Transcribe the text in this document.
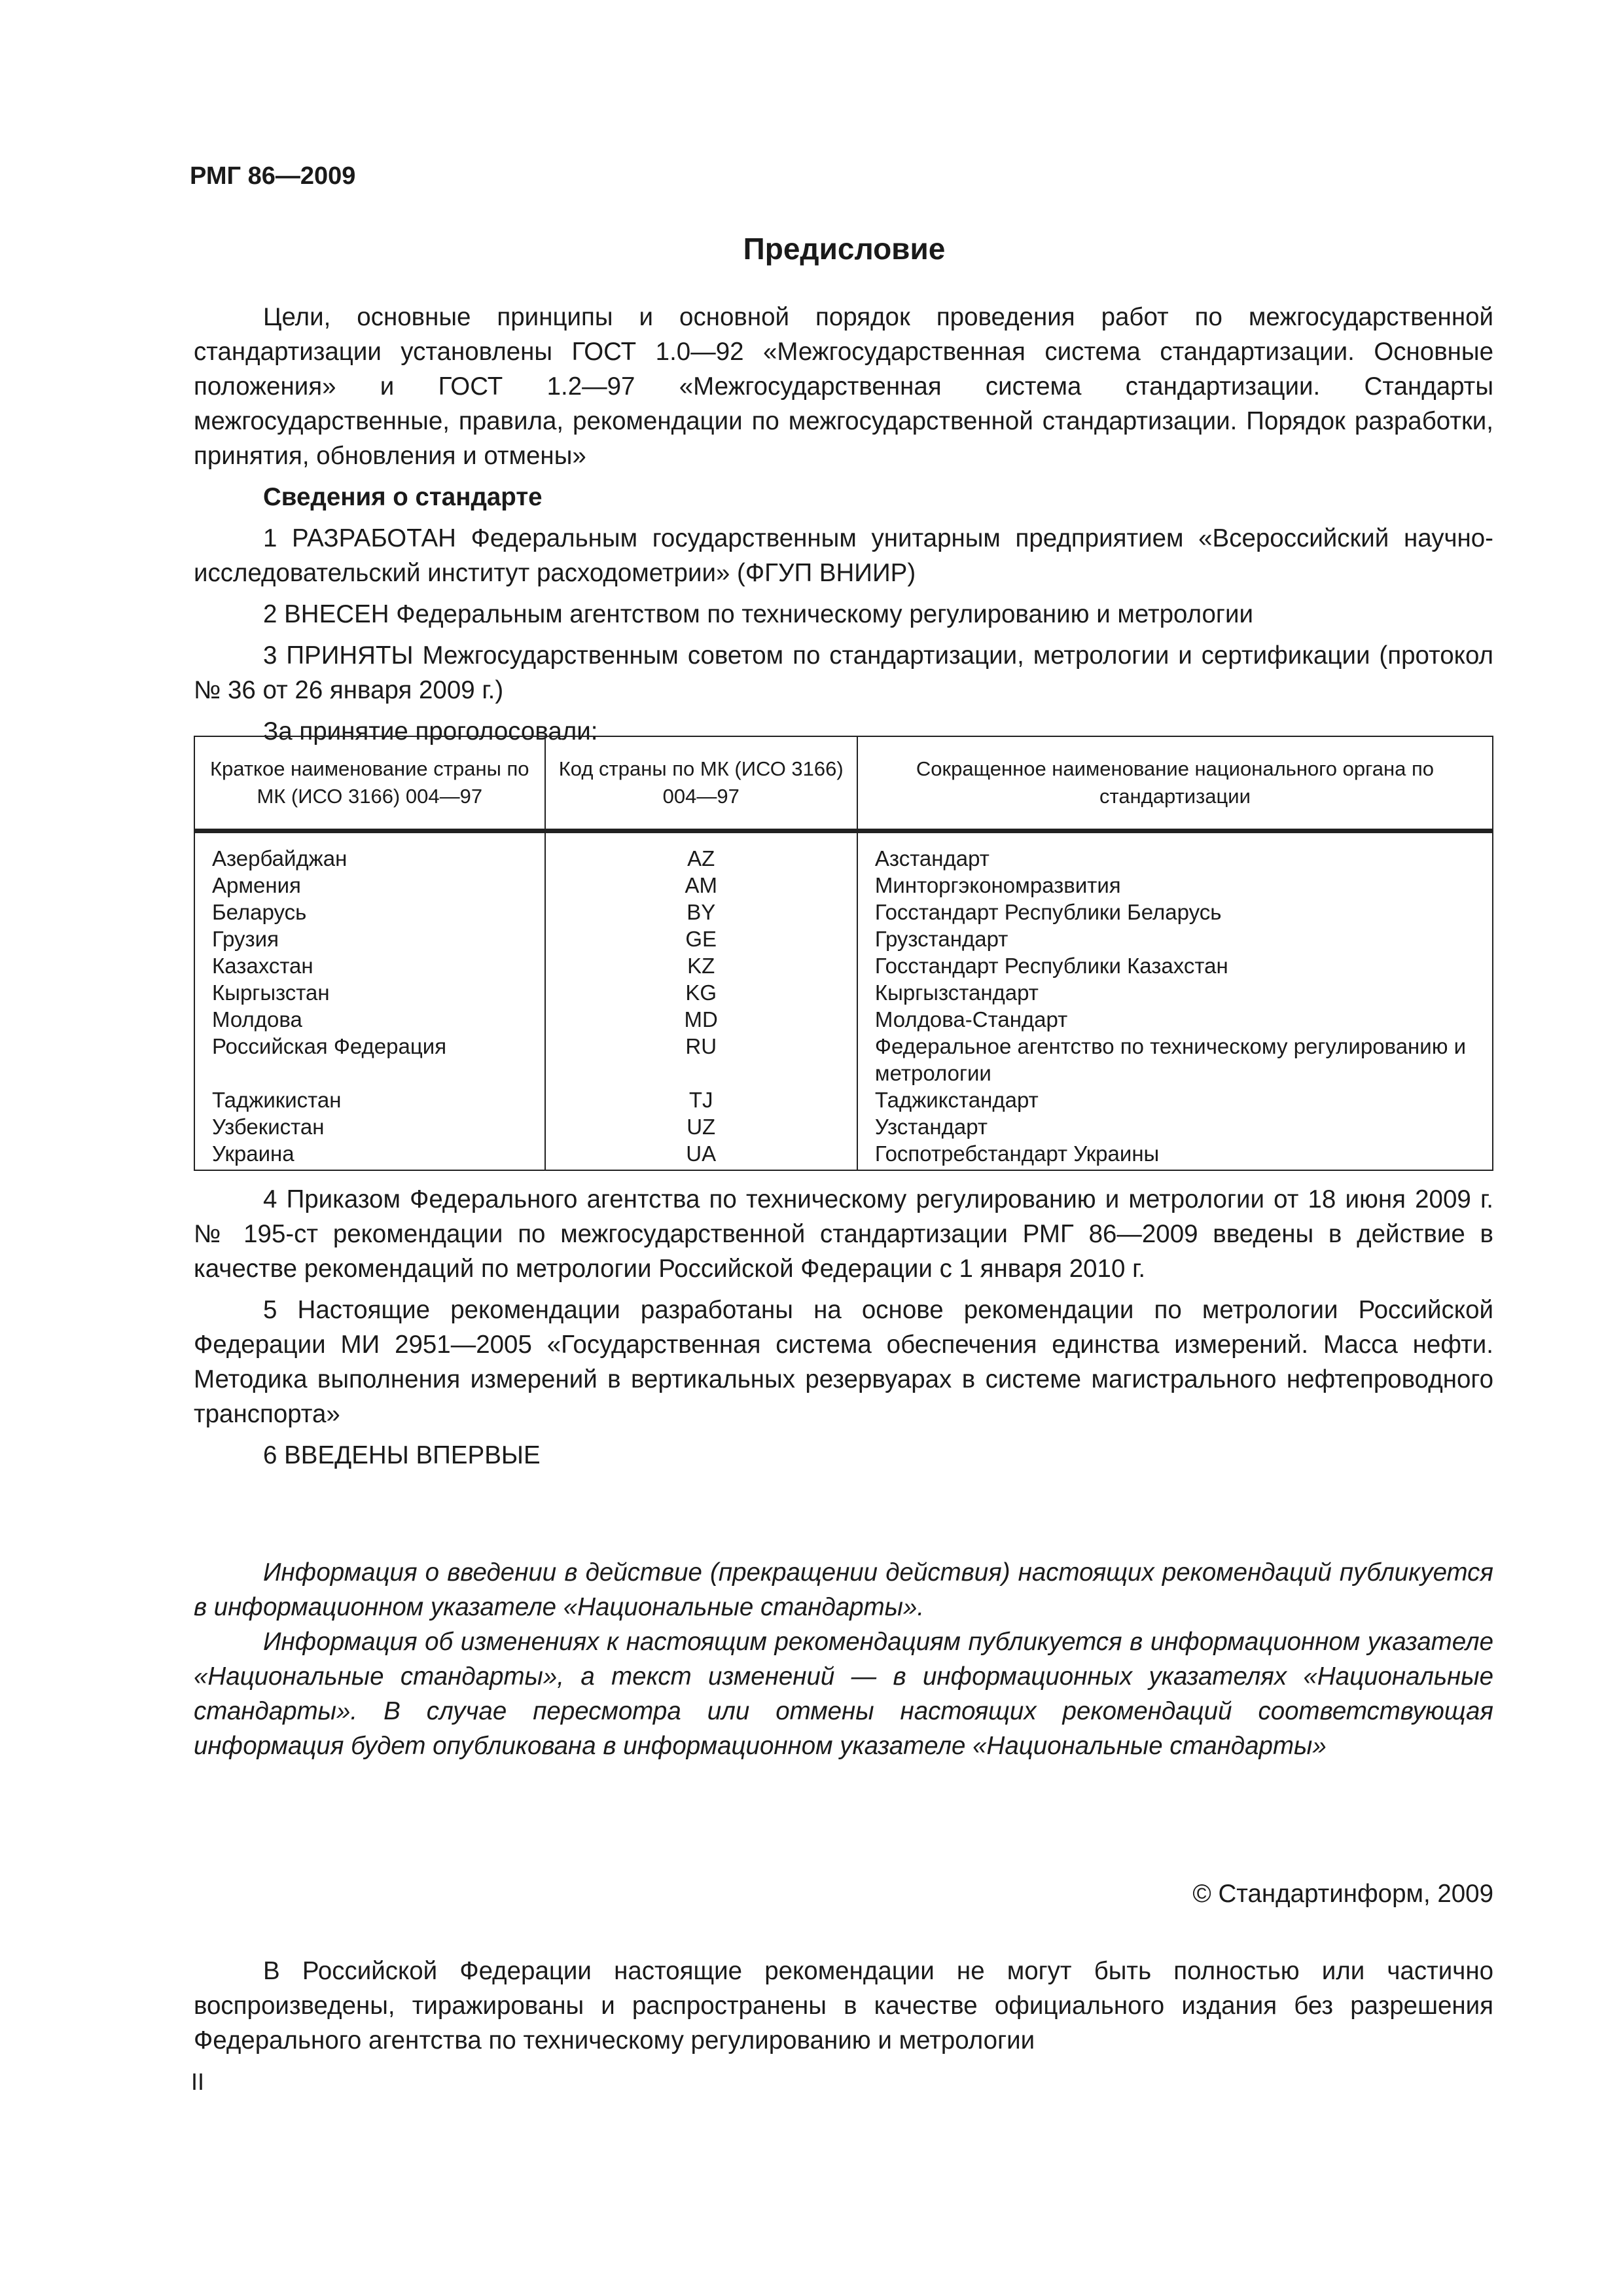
РМГ 86—2009
Предисловие

Цели, основные принципы и основной порядок проведения работ по межгосударственной стандартизации установлены ГОСТ 1.0—92 «Межгосударственная система стандартизации. Основные положения» и ГОСТ 1.2—97 «Межгосударственная система стандартизации. Стандарты межгосударственные, правила, рекомендации по межгосударственной стандартизации. Порядок разработки, принятия, обновления и отмены»

Сведения о стандарте

1 РАЗРАБОТАН Федеральным государственным унитарным предприятием «Всероссийский научно-исследовательский институт расходометрии» (ФГУП ВНИИР)

2 ВНЕСЕН Федеральным агентством по техническому регулированию и метрологии

3 ПРИНЯТЫ Межгосударственным советом по стандартизации, метрологии и сертификации (протокол № 36 от 26 января 2009 г.)

За принятие проголосовали:

Краткое наименование страны по МК (ИСО 3166) 004—97	Код страны по МК (ИСО 3166) 004—97	Сокращенное наименование национального органа по стандартизации
Азербайджан	AZ	Азстандарт
Армения	AM	Минторгэкономразвития
Беларусь	BY	Госстандарт Республики Беларусь
Грузия	GE	Грузстандарт
Казахстан	KZ	Госстандарт Республики Казахстан
Кыргызстан	KG	Кыргызстандарт
Молдова	MD	Молдова-Стандарт
Российская Федерация	RU	Федеральное агентство по техническому регулированию и метрологии
Таджикистан	TJ	Таджикстандарт
Узбекистан	UZ	Узстандарт
Украина	UA	Госпотребстандарт Украины

4 Приказом Федерального агентства по техническому регулированию и метрологии от 18 июня 2009 г. № 195-ст рекомендации по межгосударственной стандартизации РМГ 86—2009 введены в действие в качестве рекомендаций по метрологии Российской Федерации с 1 января 2010 г.

5 Настоящие рекомендации разработаны на основе рекомендации по метрологии Российской Федерации МИ 2951—2005 «Государственная система обеспечения единства измерений. Масса нефти. Методика выполнения измерений в вертикальных резервуарах в системе магистрального нефтепроводного транспорта»

6 ВВЕДЕНЫ ВПЕРВЫЕ

Информация о введении в действие (прекращении действия) настоящих рекомендаций публикуется в информационном указателе «Национальные стандарты».

Информация об изменениях к настоящим рекомендациям публикуется в информационном указателе «Национальные стандарты», а текст изменений — в информационных указателях «Национальные стандарты». В случае пересмотра или отмены настоящих рекомендаций соответствующая информация будет опубликована в информационном указателе «Национальные стандарты»

© Стандартинформ, 2009

В Российской Федерации настоящие рекомендации не могут быть полностью или частично воспроизведены, тиражированы и распространены в качестве официального издания без разрешения Федерального агентства по техническому регулированию и метрологии

II
